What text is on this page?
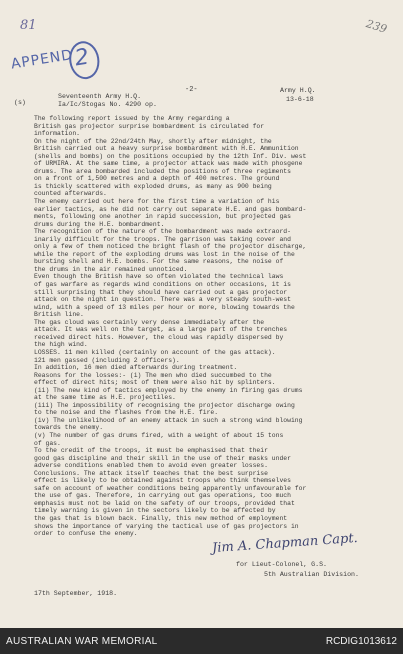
81	239
APPEND
2
-2-
(s)
Seventeenth Army H.Q.
Ia/Ic/Stogas No. 4290 op.
Army H.Q.
13-6-18

The following report issued by the Army regarding a

British gas projector surprise bombardment is circulated for

information.

On the night of the 22nd/24th May, shortly after midnight, the

British carried out a heavy surprise bombardment with H.E. Ammunition

(shells and bombs) on the positions occupied by the 12th Inf. Div. west

of URMIRA. At the same time, a projector attack was made with phosgene

drums. The area bombarded included the positions of three regiments

on a front of 1,500 metres and a depth of 400 metres. The ground

is thickly scattered with exploded drums, as many as 900 being

counted afterwards.

The enemy carried out here for the first time a variation of his

earlier tactics, as he did not carry out separate H.E. and gas bombard-

ments, following one another in rapid succession, but projected gas

drums during the H.E. bombardment.

The recognition of the nature of the bombardment was made extraord-

inarily difficult for the troops. The garrison was taking cover and

only a few of them noticed the bright flash of the projector discharge,

while the report of the exploding drums was lost in the noise of the

bursting shell and H.E. bombs. For the same reasons, the noise of

the drums in the air remained unnoticed.

Even though the British have so often violated the technical laws

of gas warfare as regards wind conditions on other occasions, it is

still surprising that they should have carried out a gas projector

attack on the night in question. There was a very steady south-west

wind, with a speed of 13 miles per hour or more, blowing towards the

British line.

The gas cloud was certainly very dense immediately after the

attack. It was well on the target, as a large part of the trenches

received direct hits. However, the cloud was rapidly dispersed by

the high wind.

LOSSES. 11 men killed (certainly on account of the gas attack).

121 men gassed (including 2 officers).

In addition, 16 men died afterwards during treatment.

Reasons for the losses:- (i) The men who died succumbed to the

effect of direct hits; most of them were also hit by splinters.

(ii) The new kind of tactics employed by the enemy in firing gas drums

at the same time as H.E. projectiles.

(iii) The impossibility of recognising the projector discharge owing

to the noise and the flashes from the H.E. fire.

(iv) The unlikelihood of an enemy attack in such a strong wind blowing

towards the enemy.

(v) The number of gas drums fired, with a weight of about 15 tons

of gas.

To the credit of the troops, it must be emphasised that their

good gas discipline and their skill in the use of their masks under

adverse conditions enabled them to avoid even greater losses.

Conclusions. The attack itself teaches that the best surprise

effect is likely to be obtained against troops who think themselves

safe on account of weather conditions being apparently unfavourable for

the use of gas. Therefore, in carrying out gas operations, too much

emphasis must not be laid on the safety of our troops, provided that

timely warning is given in the sectors likely to be affected by

the gas that is blown back. Finally, this new method of employment

shows the importance of varying the tactical use of gas projectors in

order to confuse the enemy.	Jim A. Chapman Capt.
for Lieut-Colonel, G.S.
5th Australian Division.
17th September, 1918.
AUSTRALIAN WAR MEMORIAL	RCDIG1013612
